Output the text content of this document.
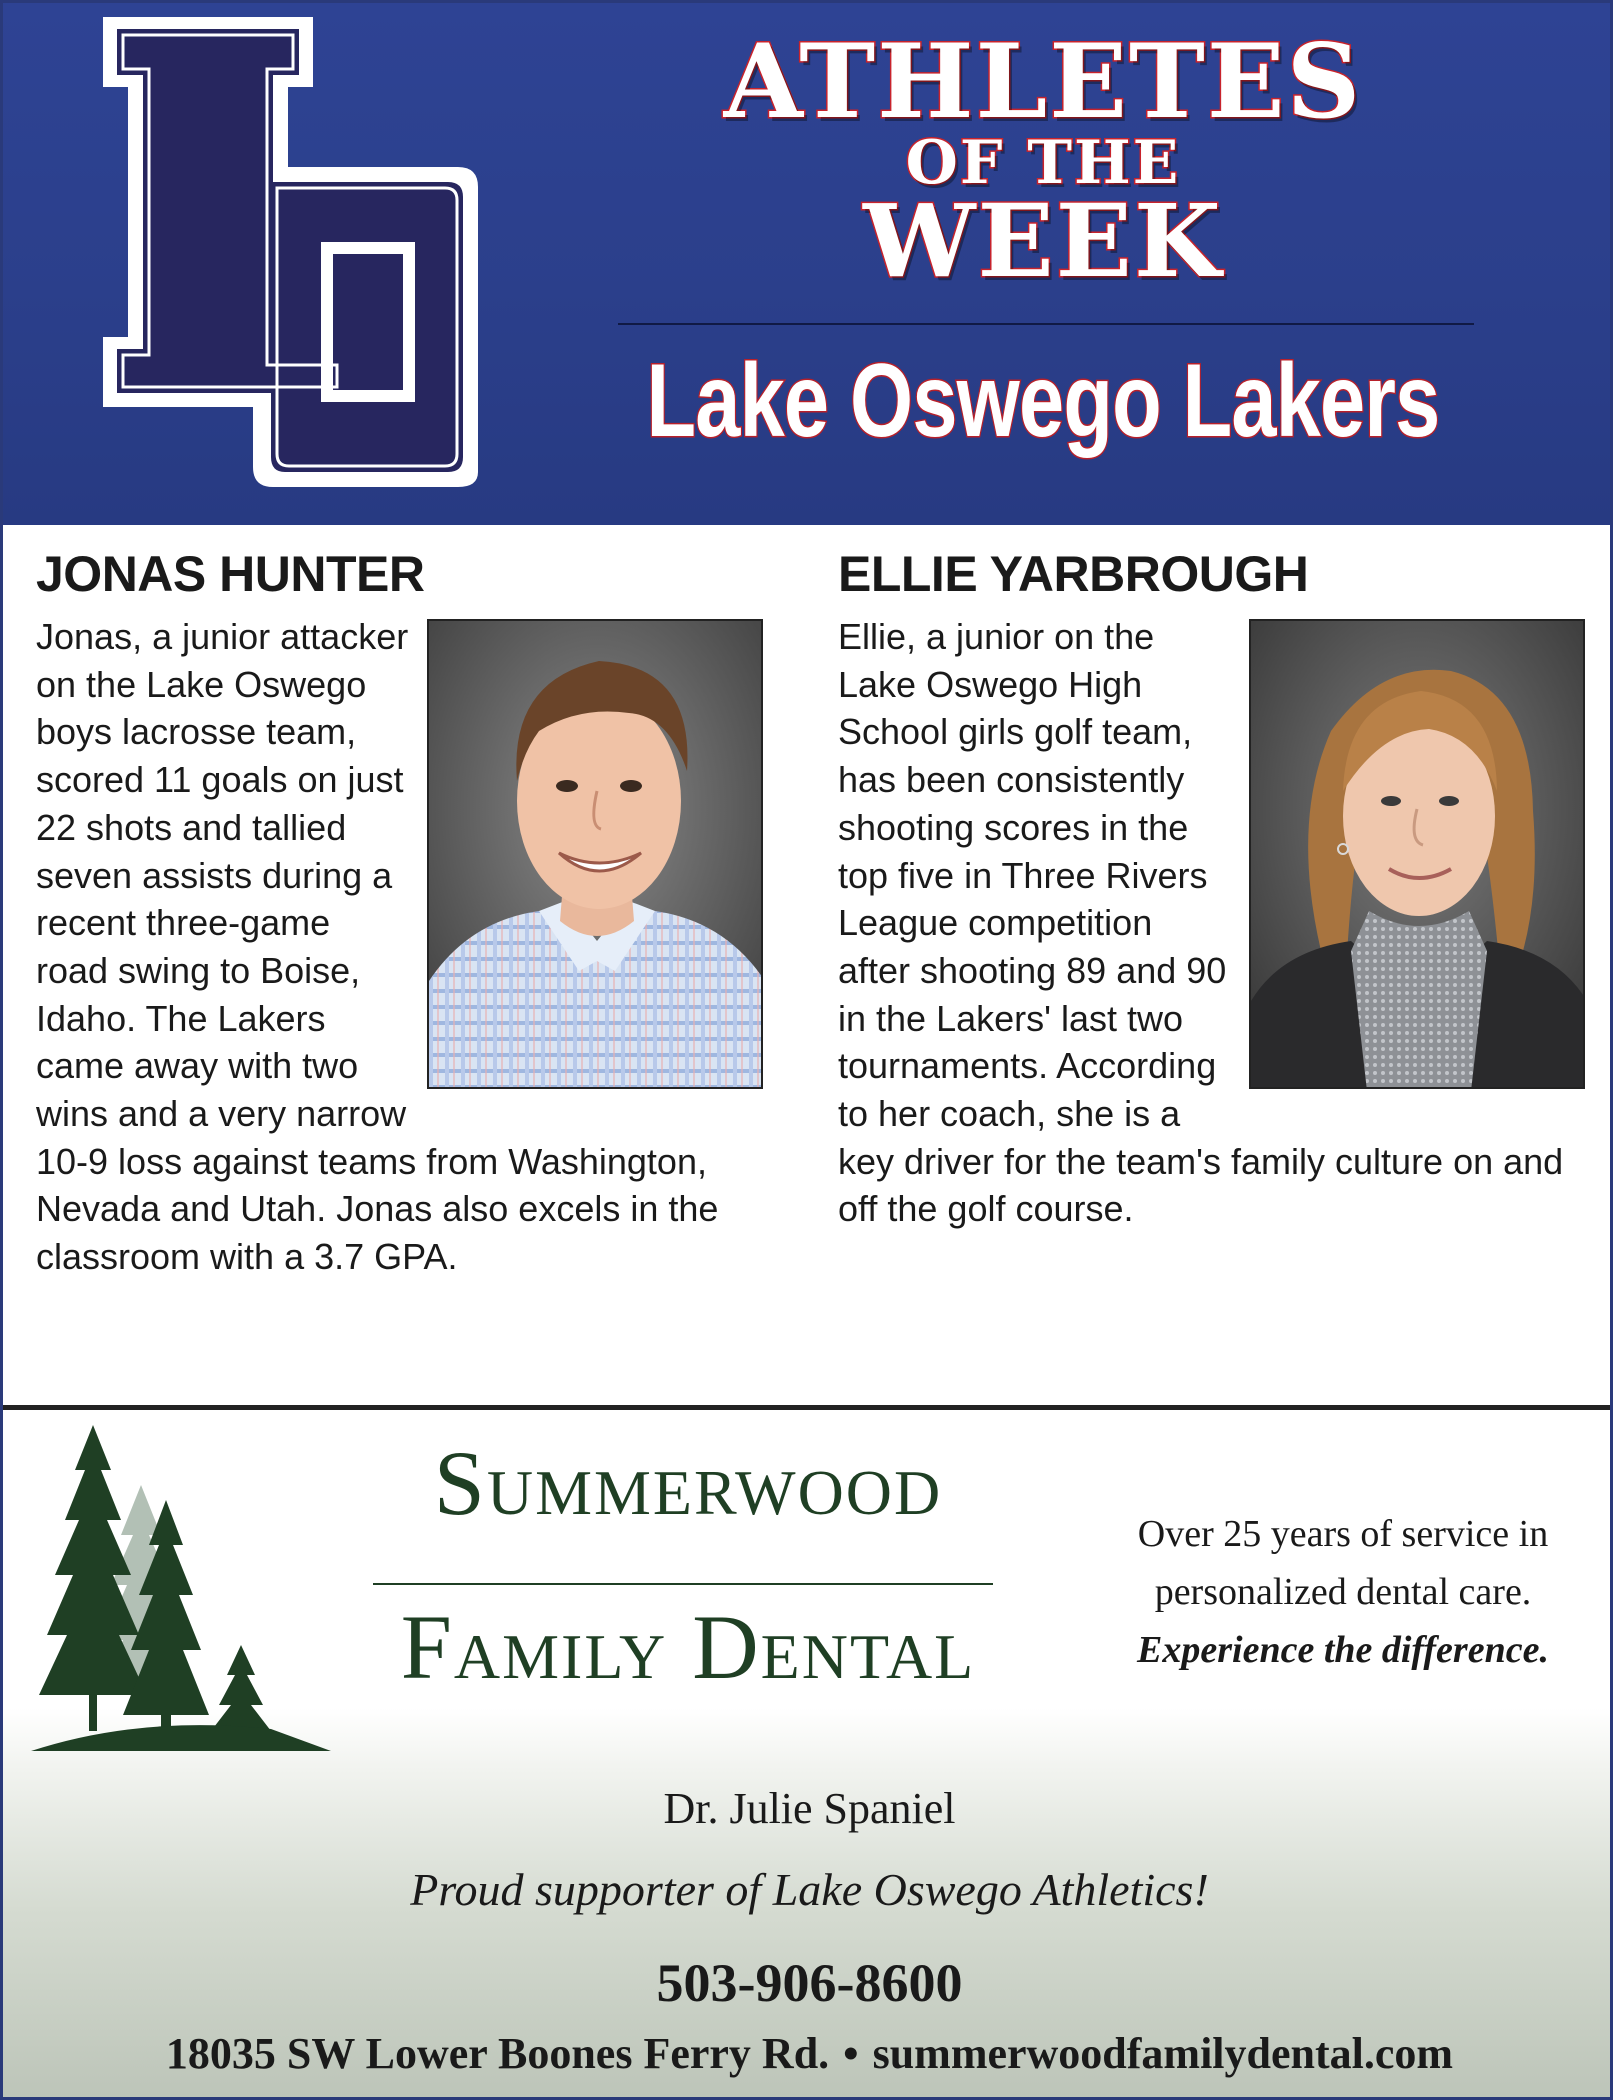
ATHLETES
OF THE
WEEK
Lake Oswego Lakers
JONAS HUNTER
Jonas, a junior attacker on the Lake Oswego boys lacrosse team, scored 11 goals on just 22 shots and tallied seven assists during a recent three-game road swing to Boise, Idaho. The Lakers came away with two wins and a very narrow 10-9 loss against teams from Washington, Nevada and Utah. Jonas also excels in the classroom with a 3.7 GPA.
ELLIE YARBROUGH
Ellie, a junior on the Lake Oswego High School girls golf team, has been consistently shooting scores in the top five in Three Rivers League competition after shooting 89 and 90 in the Lakers' last two tournaments. According to her coach, she is a key driver for the team's family culture on and off the golf course.
Summerwood
Family Dental
Over 25 years of service in
personalized dental care.
Experience the difference.
Dr. Julie Spaniel
Proud supporter of Lake Oswego Athletics!
503-906-8600
18035 SW Lower Boones Ferry Rd. • summerwoodfamilydental.com
